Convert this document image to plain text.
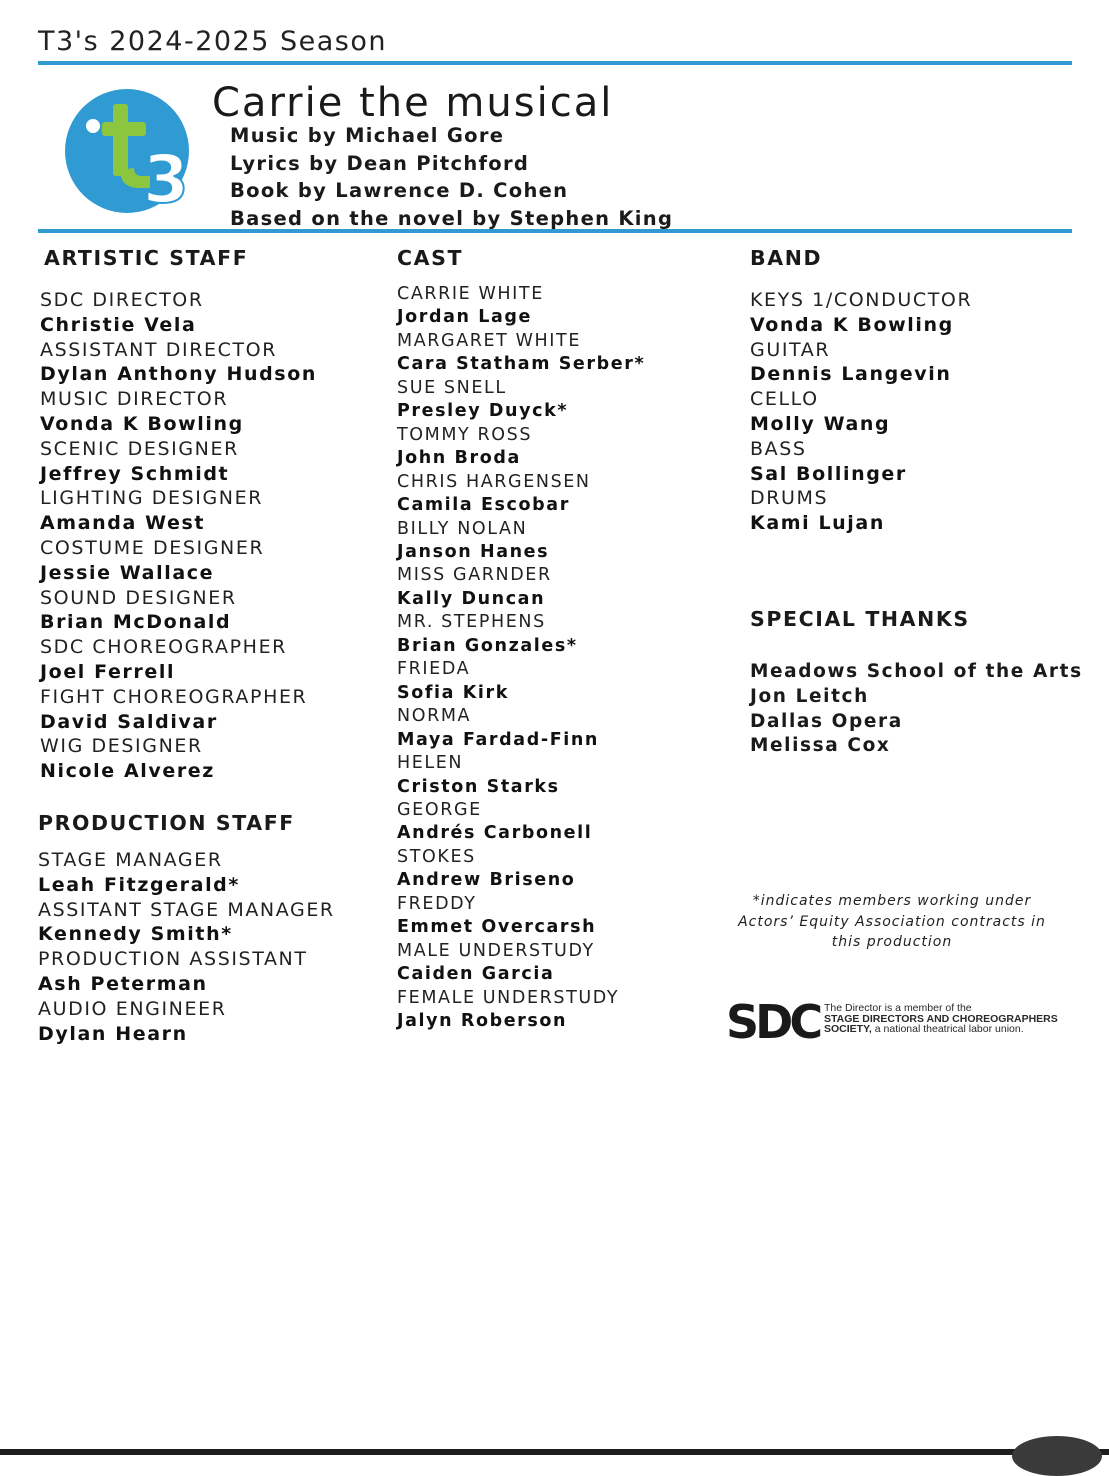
T3's 2024-2025 Season
3
Carrie the musical
Music by Michael Gore
Lyrics by Dean Pitchford
Book by Lawrence D. Cohen
Based on the novel by Stephen King
ARTISTIC STAFF
SDC DIRECTOR
Christie Vela
ASSISTANT DIRECTOR
Dylan Anthony Hudson
MUSIC DIRECTOR
Vonda K Bowling
SCENIC DESIGNER
Jeffrey Schmidt
LIGHTING DESIGNER
Amanda West
COSTUME DESIGNER
Jessie Wallace
SOUND DESIGNER
Brian McDonald
SDC CHOREOGRAPHER
Joel Ferrell
FIGHT CHOREOGRAPHER
David Saldivar
WIG DESIGNER
Nicole Alverez
PRODUCTION STAFF
STAGE MANAGER
Leah Fitzgerald*
ASSITANT STAGE MANAGER
Kennedy Smith*
PRODUCTION ASSISTANT
Ash Peterman
AUDIO ENGINEER
Dylan Hearn
CAST
CARRIE WHITE
Jordan Lage
MARGARET WHITE
Cara Statham Serber*
SUE SNELL
Presley Duyck*
TOMMY ROSS
John Broda
CHRIS HARGENSEN
Camila Escobar
BILLY NOLAN
Janson Hanes
MISS GARNDER
Kally Duncan
MR. STEPHENS
Brian Gonzales*
FRIEDA
Sofia Kirk
NORMA
Maya Fardad-Finn
HELEN
Criston Starks
GEORGE
Andrés Carbonell
STOKES
Andrew Briseno
FREDDY
Emmet Overcarsh
MALE UNDERSTUDY
Caiden Garcia
FEMALE UNDERSTUDY
Jalyn Roberson
BAND
KEYS 1/CONDUCTOR
Vonda K Bowling
GUITAR
Dennis Langevin
CELLO
Molly Wang
BASS
Sal Bollinger
DRUMS
Kami Lujan
SPECIAL THANKS
Meadows School of the Arts
Jon Leitch
Dallas Opera
Melissa Cox
*indicates members working under
Actors’ Equity Association contracts in
this production
SDC The Director is a member of the
STAGE DIRECTORS AND CHOREOGRAPHERS
SOCIETY, a national theatrical labor union.
